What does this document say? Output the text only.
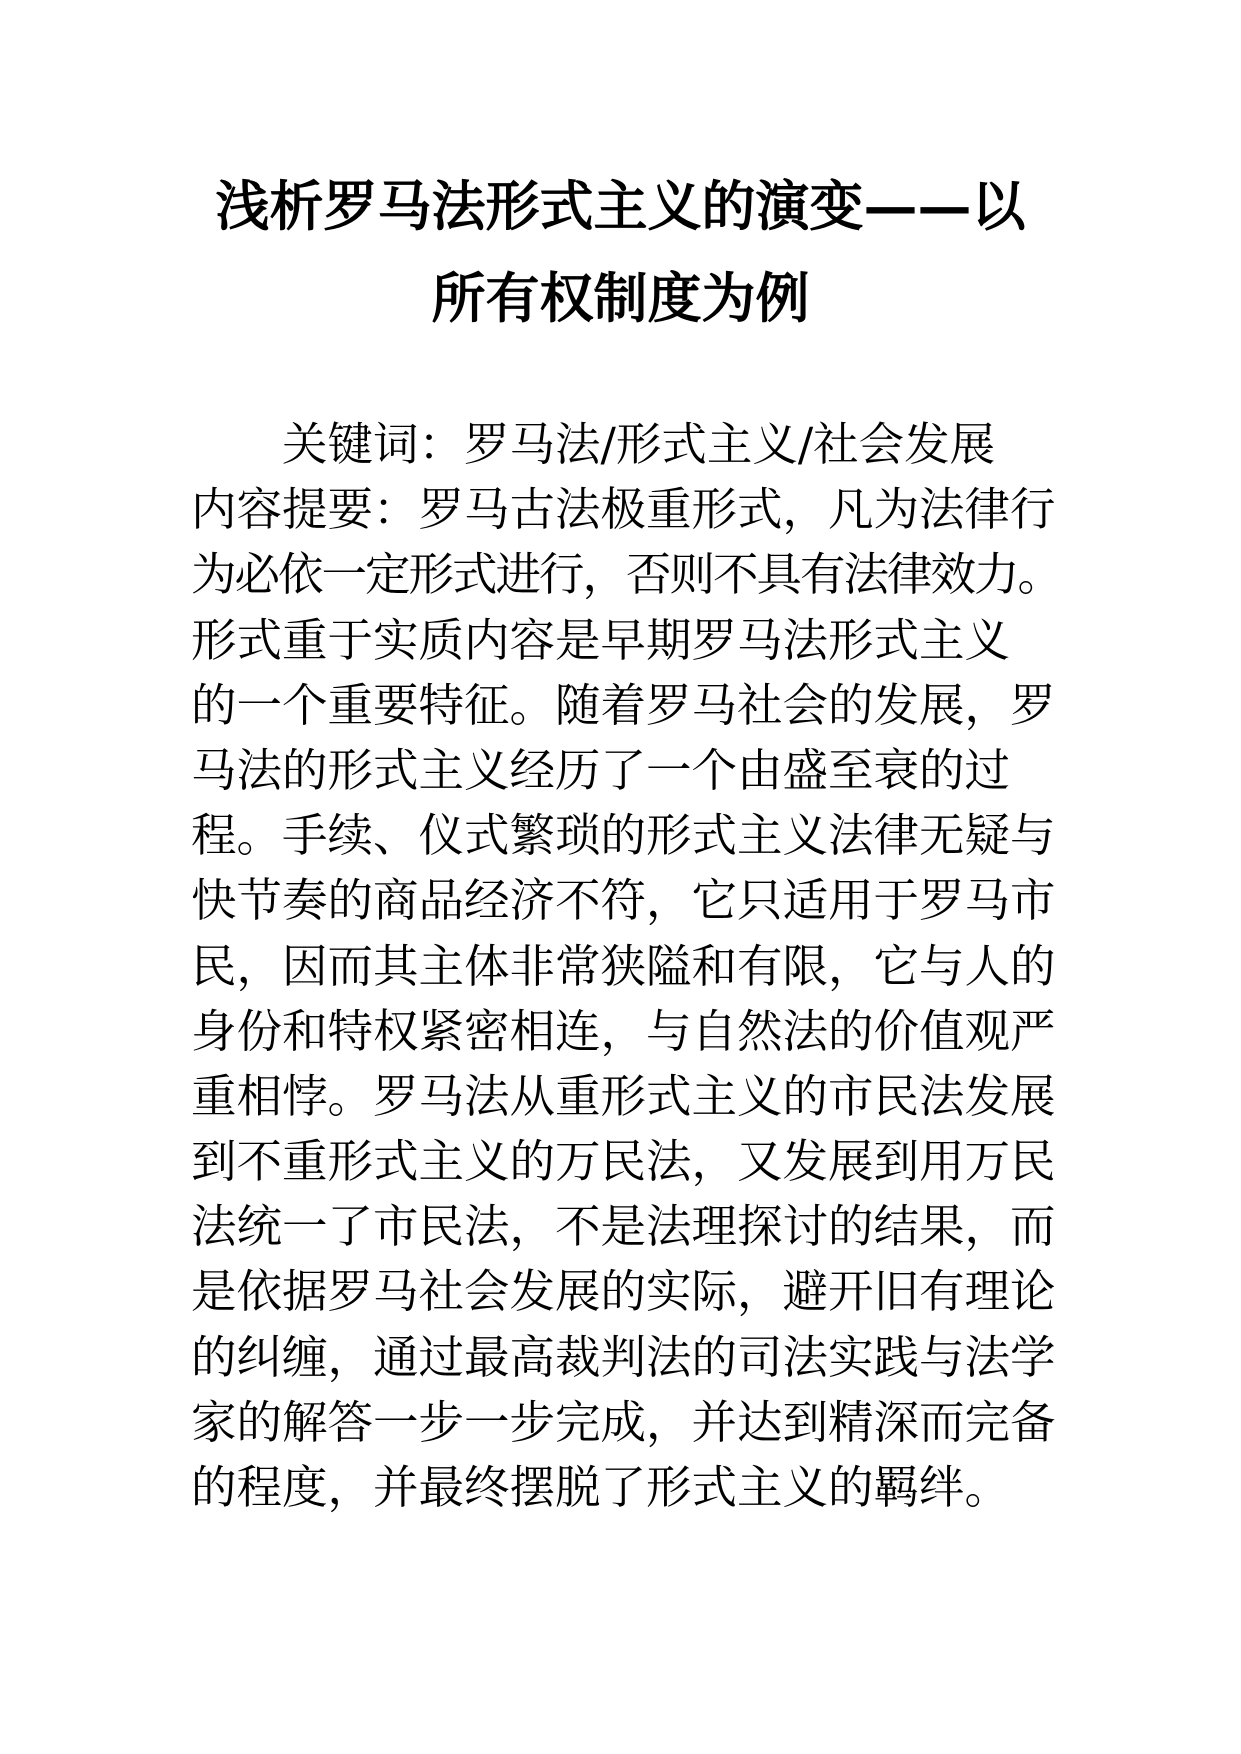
浅析罗马法形式主义的演变——以
所有权制度为例
关键词：罗马法/形式主义/社会发展
内容提要：罗马古法极重形式，凡为法律行
为必依一定形式进行，否则不具有法律效力。
形式重于实质内容是早期罗马法形式主义
的一个重要特征。随着罗马社会的发展，罗
马法的形式主义经历了一个由盛至衰的过
程。手续、仪式繁琐的形式主义法律无疑与
快节奏的商品经济不符，它只适用于罗马市
民，因而其主体非常狭隘和有限，它与人的
身份和特权紧密相连，与自然法的价值观严
重相悖。罗马法从重形式主义的市民法发展
到不重形式主义的万民法，又发展到用万民
法统一了市民法，不是法理探讨的结果，而
是依据罗马社会发展的实际，避开旧有理论
的纠缠，通过最高裁判法的司法实践与法学
家的解答一步一步完成，并达到精深而完备
的程度，并最终摆脱了形式主义的羁绊。
